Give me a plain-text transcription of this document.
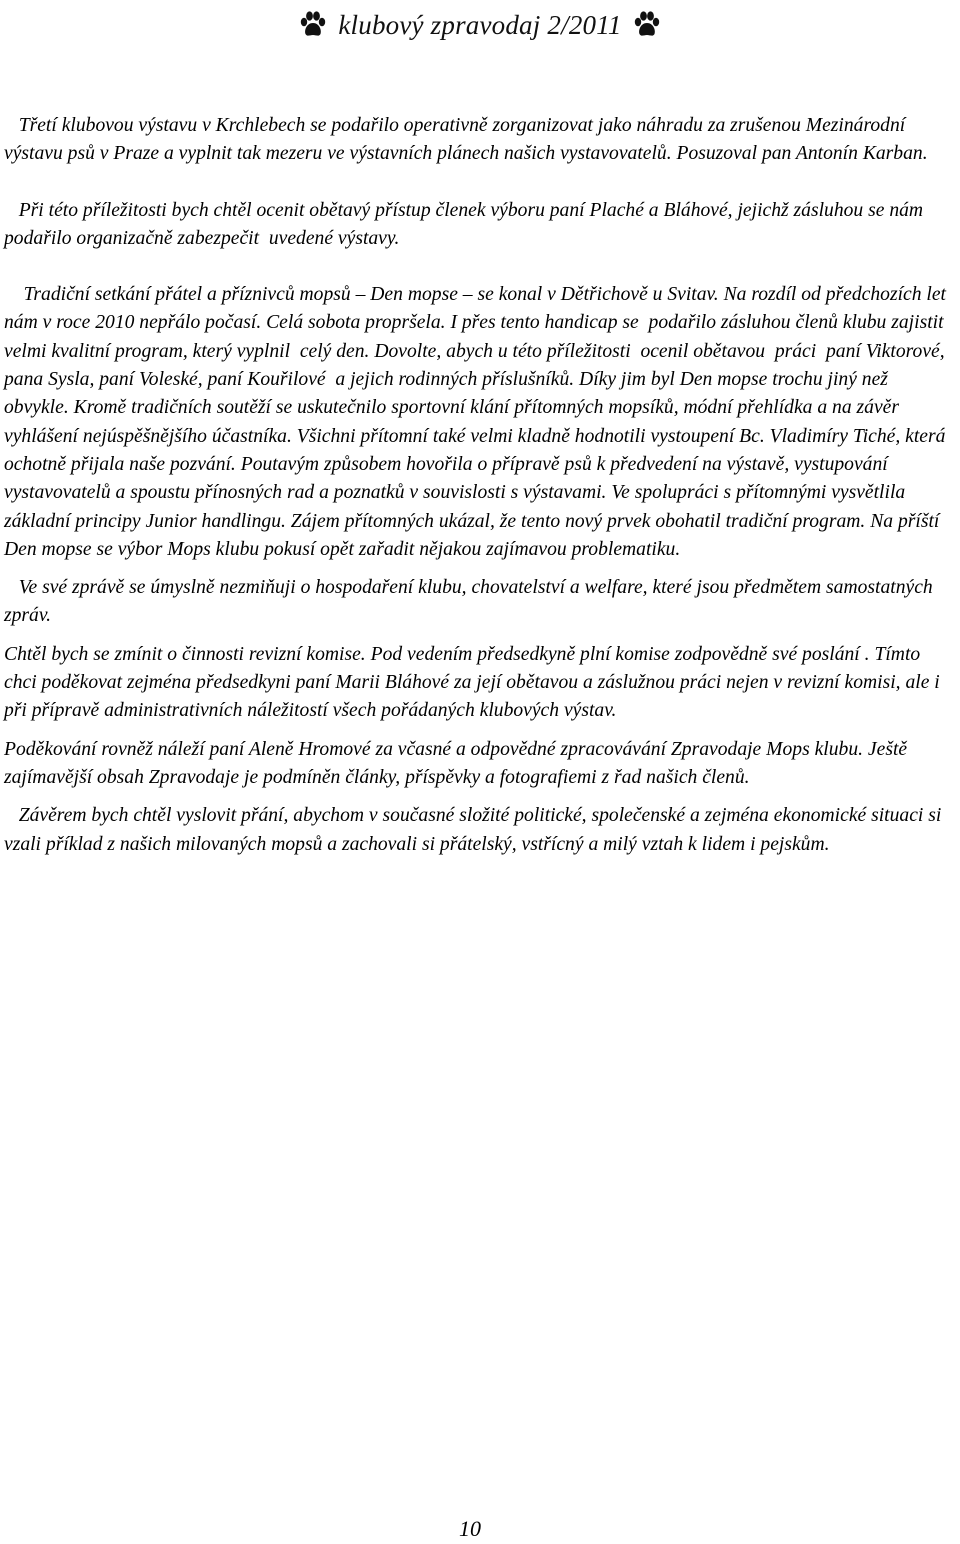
klubový zpravodaj 2/2011

Třetí klubovou výstavu v Krchlebech se podařilo operativně zorganizovat jako náhradu za zrušenou Mezinárodní výstavu psů v Praze a vyplnit tak mezeru ve výstavních plánech našich vystavovatelů. Posuzoval pan Antonín Karban.

Při této příležitosti bych chtěl ocenit obětavý přístup členek výboru paní Plaché a Bláhové, jejichž zásluhou se nám podařilo organizačně zabezpečit  uvedené výstavy.

Tradiční setkání přátel a příznivců mopsů – Den mopse – se konal v Dětřichově u Svitav. Na rozdíl od předchozích let nám v roce 2010 nepřálo počasí. Celá sobota propršela. I přes tento handicap se  podařilo zásluhou členů klubu zajistit velmi kvalitní program, který vyplnil  celý den. Dovolte, abych u této příležitosti  ocenil obětavou  práci  paní Viktorové, pana Sysla, paní Voleské, paní Kouřilové  a jejich rodinných příslušníků. Díky jim byl Den mopse trochu jiný než obvykle. Kromě tradičních soutěží se uskutečnilo sportovní klání přítomných mopsíků, módní přehlídka a na závěr vyhlášení nejúspěšnějšího účastníka. Všichni přítomní také velmi kladně hodnotili vystoupení Bc. Vladimíry Tiché, která ochotně přijala naše pozvání. Poutavým způsobem hovořila o přípravě psů k předvedení na výstavě, vystupování vystavovatelů a spoustu přínosných rad a poznatků v souvislosti s výstavami. Ve spolupráci s přítomnými vysvětlila základní principy Junior handlingu. Zájem přítomných ukázal, že tento nový prvek obohatil tradiční program. Na příští Den mopse se výbor Mops klubu pokusí opět zařadit nějakou zajímavou problematiku.

Ve své zprávě se úmyslně nezmiňuji o hospodaření klubu, chovatelství a welfare, které jsou předmětem samostatných zpráv.

Chtěl bych se zmínit o činnosti revizní komise. Pod vedením předsedkyně plní komise zodpovědně své poslání . Tímto chci poděkovat zejména předsedkyni paní Marii Bláhové za její obětavou a záslužnou práci nejen v revizní komisi, ale i při přípravě administrativních náležitostí všech pořádaných klubových výstav.

Poděkování rovněž náleží paní Aleně Hromové za včasné a odpovědné zpracovávání Zpravodaje Mops klubu. Ještě zajímavější obsah Zpravodaje je podmíněn články, příspěvky a fotografiemi z řad našich členů.

Závěrem bych chtěl vyslovit přání, abychom v současné složité politické, společenské a zejména ekonomické situaci si vzali příklad z našich milovaných mopsů a zachovali si přátelský, vstřícný a milý vztah k lidem i pejskům.

10
